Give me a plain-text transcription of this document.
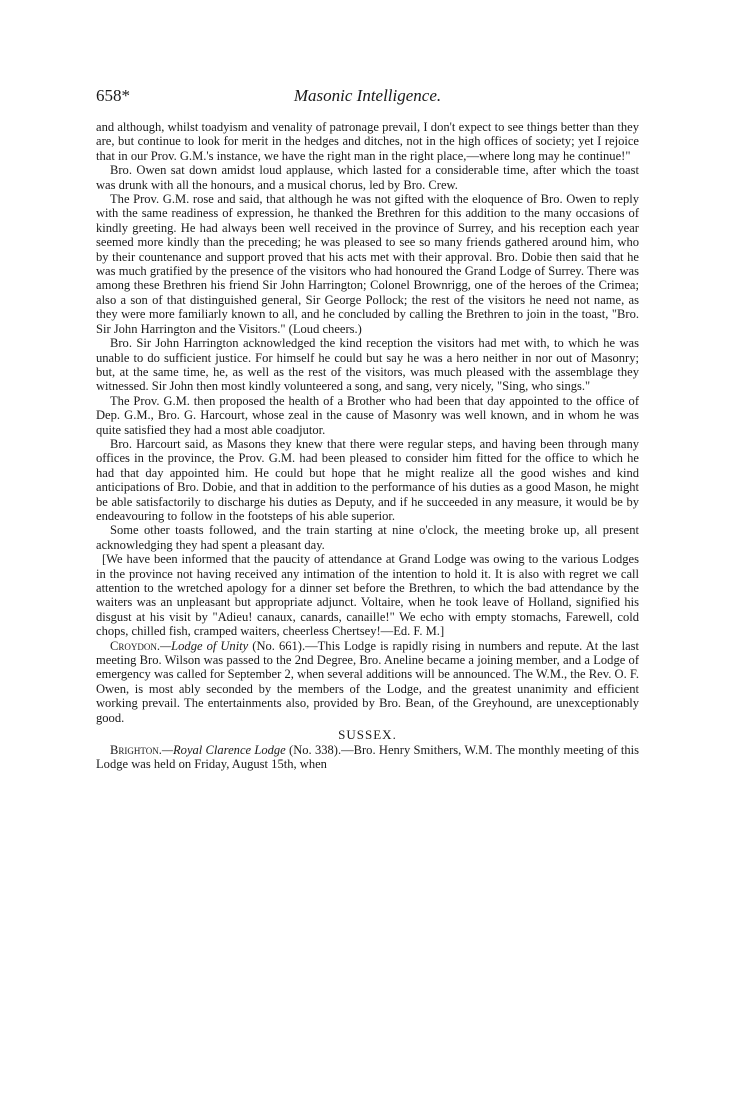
658*	Masonic Intelligence.

and although, whilst toadyism and venality of patronage prevail, I don't expect to see things better than they are, but continue to look for merit in the hedges and ditches, not in the high offices of society; yet I rejoice that in our Prov. G.M.'s instance, we have the right man in the right place,—where long may he continue!"

Bro. Owen sat down amidst loud applause, which lasted for a considerable time, after which the toast was drunk with all the honours, and a musical chorus, led by Bro. Crew.

The Prov. G.M. rose and said, that although he was not gifted with the eloquence of Bro. Owen to reply with the same readiness of expression, he thanked the Brethren for this addition to the many occasions of kindly greeting. He had always been well received in the province of Surrey, and his reception each year seemed more kindly than the preceding; he was pleased to see so many friends gathered around him, who by their countenance and support proved that his acts met with their approval. Bro. Dobie then said that he was much gratified by the presence of the visitors who had honoured the Grand Lodge of Surrey. There was among these Brethren his friend Sir John Harrington; Colonel Brownrigg, one of the heroes of the Crimea; also a son of that distinguished general, Sir George Pollock; the rest of the visitors he need not name, as they were more familiarly known to all, and he concluded by calling the Brethren to join in the toast, "Bro. Sir John Harrington and the Visitors." (Loud cheers.)

Bro. Sir John Harrington acknowledged the kind reception the visitors had met with, to which he was unable to do sufficient justice. For himself he could but say he was a hero neither in nor out of Masonry; but, at the same time, he, as well as the rest of the visitors, was much pleased with the assemblage they witnessed. Sir John then most kindly volunteered a song, and sang, very nicely, "Sing, who sings."

The Prov. G.M. then proposed the health of a Brother who had been that day appointed to the office of Dep. G.M., Bro. G. Harcourt, whose zeal in the cause of Masonry was well known, and in whom he was quite satisfied they had a most able coadjutor.

Bro. Harcourt said, as Masons they knew that there were regular steps, and having been through many offices in the province, the Prov. G.M. had been pleased to consider him fitted for the office to which he had that day appointed him. He could but hope that he might realize all the good wishes and kind anticipations of Bro. Dobie, and that in addition to the performance of his duties as a good Mason, he might be able satisfactorily to discharge his duties as Deputy, and if he succeeded in any measure, it would be by endeavouring to follow in the footsteps of his able superior.

Some other toasts followed, and the train starting at nine o'clock, the meeting broke up, all present acknowledging they had spent a pleasant day.

[We have been informed that the paucity of attendance at Grand Lodge was owing to the various Lodges in the province not having received any intimation of the intention to hold it. It is also with regret we call attention to the wretched apology for a dinner set before the Brethren, to which the bad attendance by the waiters was an unpleasant but appropriate adjunct. Voltaire, when he took leave of Holland, signified his disgust at his visit by "Adieu! canaux, canards, canaille!" We echo with empty stomachs, Farewell, cold chops, chilled fish, cramped waiters, cheerless Chertsey!—Ed. F. M.]

Croydon.—Lodge of Unity (No. 661).—This Lodge is rapidly rising in numbers and repute. At the last meeting Bro. Wilson was passed to the 2nd Degree, Bro. Aneline became a joining member, and a Lodge of emergency was called for September 2, when several additions will be announced. The W.M., the Rev. O. F. Owen, is most ably seconded by the members of the Lodge, and the greatest unanimity and efficient working prevail. The entertainments also, provided by Bro. Bean, of the Greyhound, are unexceptionably good.

SUSSEX.

Brighton.—Royal Clarence Lodge (No. 338).—Bro. Henry Smithers, W.M. The monthly meeting of this Lodge was held on Friday, August 15th, when
